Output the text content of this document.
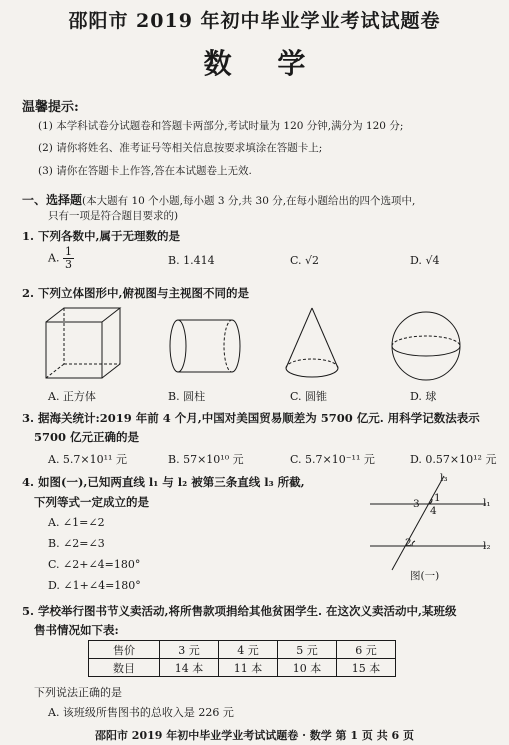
邵阳市 2019 年初中毕业学业考试试题卷
数 学
温馨提示:
(1) 本学科试卷分试题卷和答题卡两部分,考试时量为 120 分钟,满分为 120 分;
(2) 请你将姓名、准考证号等相关信息按要求填涂在答题卡上;
(3) 请你在答题卡上作答,答在本试题卷上无效.
一、选择题(本大题有 10 个小题,每小题 3 分,共 30 分,在每小题给出的四个选项中,
只有一项是符合题目要求的)
1. 下列各数中,属于无理数的是
A. $\frac{1}{3}$	B. 1.414	C. √2	D. √4
2. 下列立体图形中,俯视图与主视图不同的是
A. 正方体	B. 圆柱	C. 圆锥	D. 球
3. 据海关统计:2019 年前 4 个月,中国对美国贸易顺差为 5700 亿元. 用科学记数法表示
5700 亿元正确的是
A. 5.7×10¹¹ 元	B. 57×10¹⁰ 元	C. 5.7×10⁻¹¹ 元	D. 0.57×10¹² 元
4. 如图(一),已知两直线 l₁ 与 l₂ 被第三条直线 l₃ 所截,
下列等式一定成立的是
A. ∠1=∠2
B. ∠2=∠3
C. ∠2+∠4=180°
D. ∠1+∠4=180°
l₃
l₁
l₂
1
3
4
2
图(一)
5. 学校举行图书节义卖活动,将所售款项捐给其他贫困学生. 在这次义卖活动中,某班级
售书情况如下表:
售价	3 元	4 元	5 元	6 元
数目	14 本	11 本	10 本	15 本
下列说法正确的是
A. 该班级所售图书的总收入是 226 元
邵阳市 2019 年初中毕业学业考试试题卷 · 数学 第 1 页 共 6 页
